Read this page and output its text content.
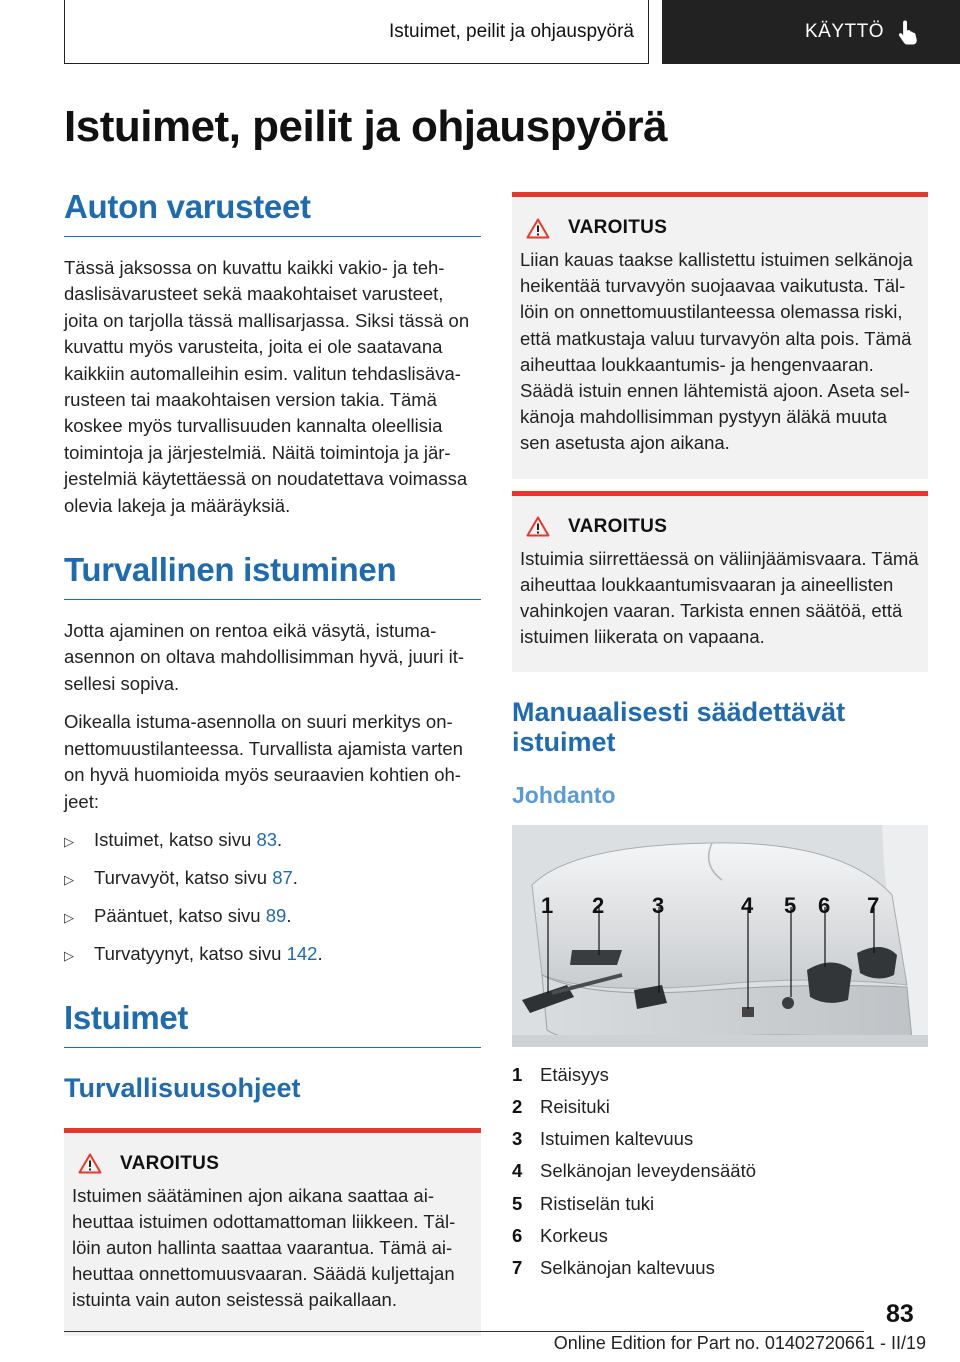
Istuimet, peilit ja ohjauspyörä	KÄYTTÖ
Istuimet, peilit ja ohjauspyörä
Auton varusteet

Tässä jaksossa on kuvattu kaikki vakio- ja teh-daslisävarusteet sekä maakohtaiset varusteet, joita on tarjolla tässä mallisarjassa. Siksi tässä on kuvattu myös varusteita, joita ei ole saatavana kaikkiin automalleihin esim. valitun tehdaslisäva-rusteen tai maakohtaisen version takia. Tämä koskee myös turvallisuuden kannalta oleellisia toimintoja ja järjestelmiä. Näitä toimintoja ja jär-jestelmiä käytettäessä on noudatettava voimassa olevia lakeja ja määräyksiä.

Turvallinen istuminen

Jotta ajaminen on rentoa eikä väsytä, istuma-asennon on oltava mahdollisimman hyvä, juuri it-sellesi sopiva.

Oikealla istuma-asennolla on suuri merkitys on-nettomuustilanteessa. Turvallista ajamista varten on hyvä huomioida myös seuraavien kohtien oh-jeet:

▷	Istuimet, katso sivu 83.
▷	Turvavyöt, katso sivu 87.
▷	Pääntuet, katso sivu 89.
▷	Turvatyynyt, katso sivu 142.
Istuimet
Turvallisuusohjeet
VAROITUS

Istuimen säätäminen ajon aikana saattaa ai-heuttaa istuimen odottamattoman liikkeen. Täl-löin auton hallinta saattaa vaarantua. Tämä ai-heuttaa onnettomuusvaaran. Säädä kuljettajan istuinta vain auton seistessä paikallaan.

VAROITUS

Liian kauas taakse kallistettu istuimen selkänoja heikentää turvavyön suojaavaa vaikutusta. Täl-löin on onnettomuustilanteessa olemassa riski, että matkustaja valuu turvavyön alta pois. Tämä aiheuttaa loukkaantumis- ja hengenvaaran. Säädä istuin ennen lähtemistä ajoon. Aseta sel-känoja mahdollisimman pystyyn äläkä muuta sen asetusta ajon aikana.

VAROITUS

Istuimia siirrettäessä on väliinjäämisvaara. Tämä aiheuttaa loukkaantumisvaaran ja aineellisten vahinkojen vaaran. Tarkista ennen säätöä, että istuimen liikerata on vapaana.

Manuaalisesti säädettävät istuimet
Johdanto
1 2 3	4 5 6 7
1 Etäisyys
2 Reisituki
3 Istuimen kaltevuus
4 Selkänojan leveydensäätö
5 Ristiselän tuki
6 Korkeus
7 Selkänojan kaltevuus
83
Online Edition for Part no. 01402720661 - II/19
